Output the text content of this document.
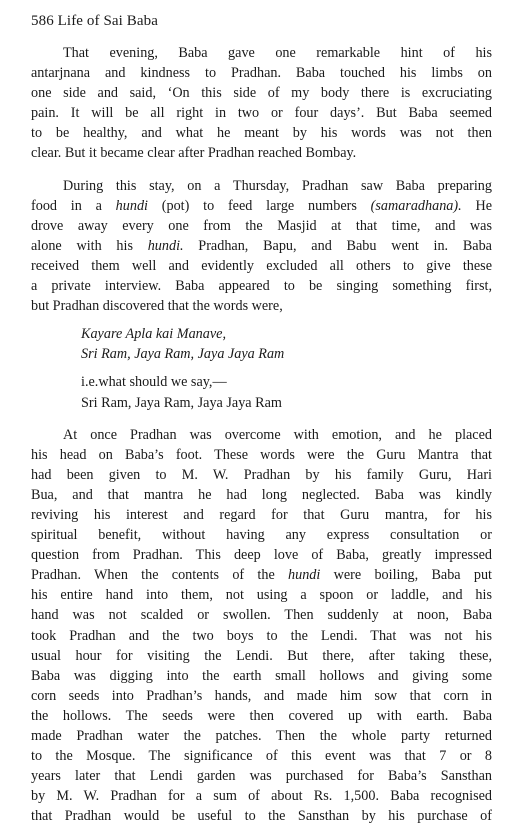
586 Life of Sai Baba
That evening, Baba gave one remarkable hint of his
antarjnana and kindness to Pradhan. Baba touched his limbs on
one side and said, ‘On this side of my body there is excruciating
pain. It will be all right in two or four days’. But Baba seemed
to be healthy, and what he meant by his words was not then
clear. But it became clear after Pradhan reached Bombay.
During this stay, on a Thursday, Pradhan saw Baba preparing
food in a hundi (pot) to feed large numbers (samaradhana). He
drove away every one from the Masjid at that time, and was
alone with his hundi. Pradhan, Bapu, and Babu went in. Baba
received them well and evidently excluded all others to give these
a private interview. Baba appeared to be singing something first,
but Pradhan discovered that the words were,
Kayare Apla kai Manave,
Sri Ram, Jaya Ram, Jaya Jaya Ram
i.e.what should we say,—
Sri Ram, Jaya Ram, Jaya Jaya Ram
At once Pradhan was overcome with emotion, and he placed
his head on Baba’s foot. These words were the Guru Mantra that
had been given to M. W. Pradhan by his family Guru, Hari
Bua, and that mantra he had long neglected. Baba was kindly
reviving his interest and regard for that Guru mantra, for his
spiritual benefit, without having any express consultation or
question from Pradhan. This deep love of Baba, greatly impressed
Pradhan. When the contents of the hundi were boiling, Baba put
his entire hand into them, not using a spoon or laddle, and his
hand was not scalded or swollen. Then suddenly at noon, Baba
took Pradhan and the two boys to the Lendi. That was not his
usual hour for visiting the Lendi. But there, after taking these,
Baba was digging into the earth small hollows and giving some
corn seeds into Pradhan’s hands, and made him sow that corn in
the hollows. The seeds were then covered up with earth. Baba
made Pradhan water the patches. Then the whole party returned
to the Mosque. The significance of this event was that 7 or 8
years later that Lendi garden was purchased for Baba’s Sansthan
by M. W. Pradhan for a sum of about Rs. 1,500. Baba recognised
that Pradhan would be useful to the Sansthan by his purchase of
